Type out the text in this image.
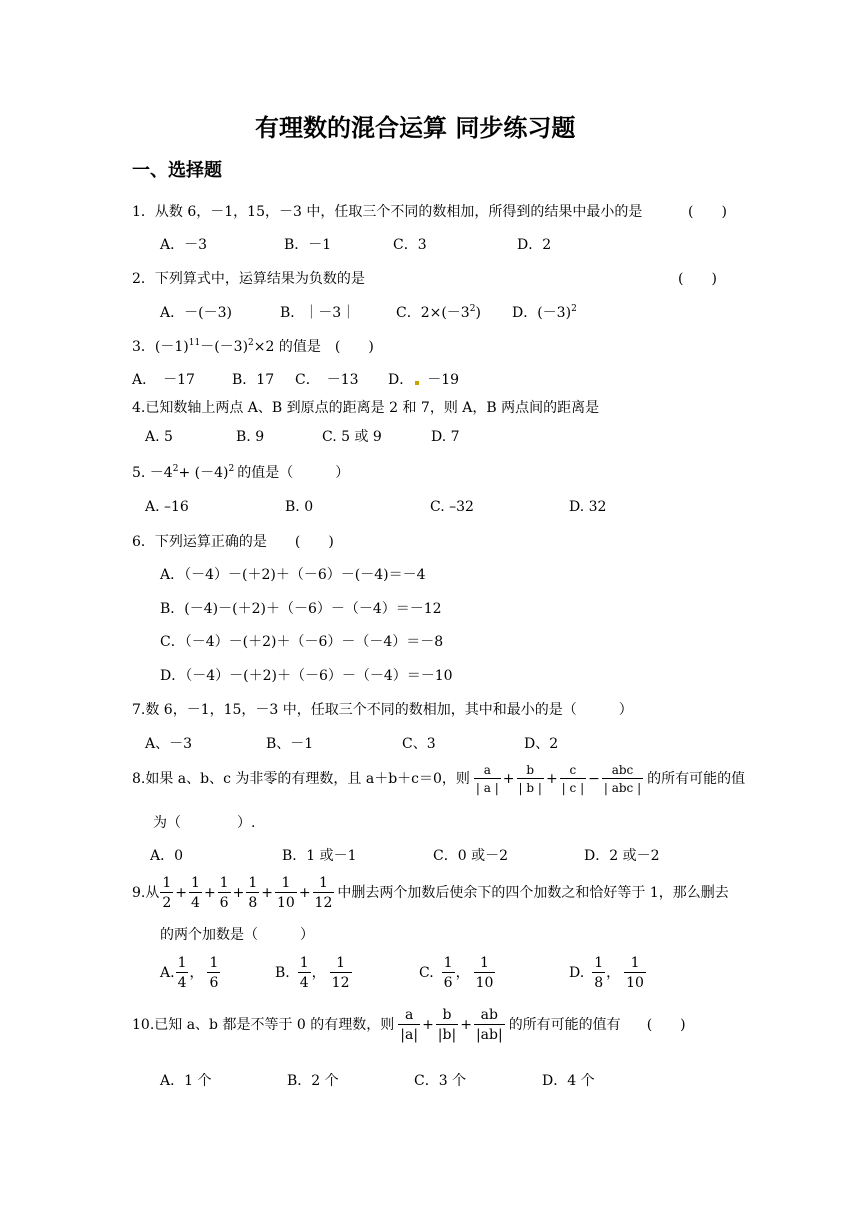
有理数的混合运算 同步练习题
一、选择题
1．从数 6，－1，15，－3 中，任取三个不同的数相加，所得到的结果中最小的是	(　　)
A．－3	B．－1	C．3	D．2
2．下列算式中，运算结果为负数的是	(　　)
A．－(－3)	B．｜－3｜	C．$2\times(-3^2)$ D．$(-3)^2$
3．$(-1)^{11}-(-3)^2\times 2$ 的值是　(　　)
A．　－17	B．17 C．　－13 D． －19
4.已知数轴上两点 A、B 到原点的距离是 2 和 7，则 A，B 两点间的距离是
A. 5	B. 9	C. 5 或 9	D. 7
5. $-4^2+ (-4)^2$ 的值是（　　　）
A. –16	B. 0	C. –32	D. 32
6．下列运算正确的是　　(　　)
A．（－4）－(＋2)＋（－6）－(－4)＝－4
B．(－4)－(＋2)＋（－6）－（－4）＝－12
C．（－4）－(＋2)＋（－6）－（－4）＝－8
D．（－4）－(＋2)＋（－6）－（－4）＝－10
7.数 6，－1，15，－3 中，任取三个不同的数相加，其中和最小的是（　　　）
A、－3	B、－1	C、3	D、2
8.如果 a、b、c 为非零的有理数，且 a＋b＋c＝0，则 $\frac{a}{| a |} + \frac{b}{| b |} + \frac{c}{| c |} - \frac{\text{abc}}{\text{| abc |}}$ 的所有可能的值
为（　　　　）.
A．0	B．1 或－1	C．0 或－2	D．2 或－2
9.从 $\frac{1}{2} + \frac{1}{4} + \frac{1}{6} + \frac{1}{8} + \frac{1}{10} + \frac{1}{12}$ 中删去两个加数后使余下的四个加数之和恰好等于 1，那么删去
的两个加数是（　　　）
A. $\frac{1}{4}$ ， $\frac{1}{6}$	B. $\frac{1}{4}$ ， $\frac{1}{12}$	C. $\frac{1}{6}$ ， $\frac{1}{10}$	D. $\frac{1}{8}$ ， $\frac{1}{10}$
10.已知 a、b 都是不等于 0 的有理数，则 $\frac{a}{|a|} + \frac{b}{|b|} + \frac{ab}{|ab|}$ 的所有可能的值有 (　　)
A．1 个	B．2 个	C．3 个	D．4 个
